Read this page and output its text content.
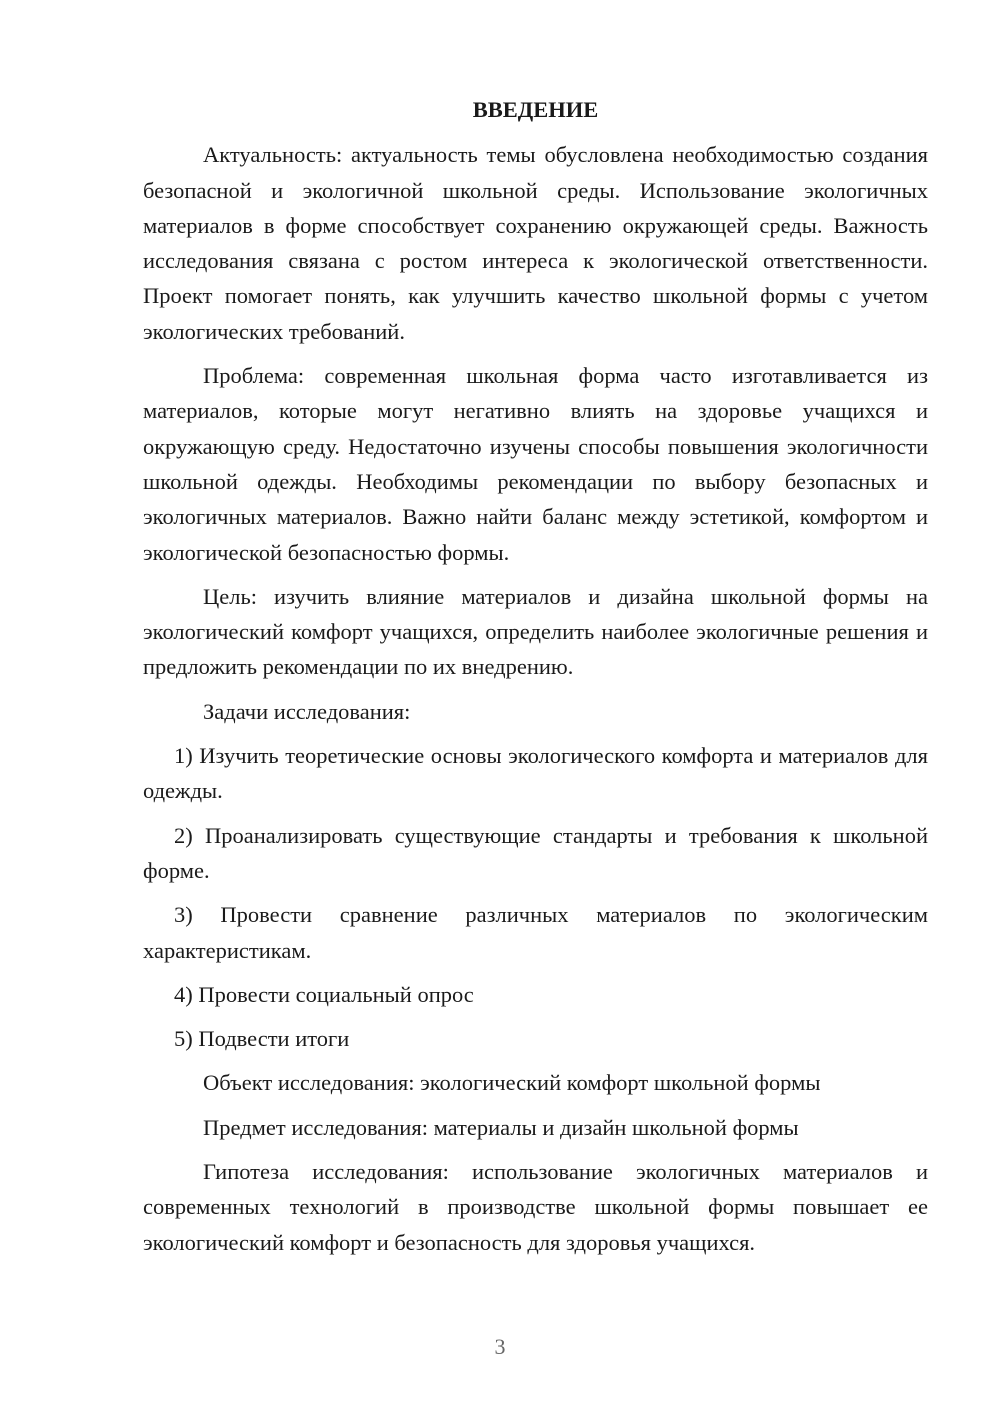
ВВЕДЕНИЕ

Актуальность: актуальность темы обусловлена необходимостью создания безопасной и экологичной школьной среды. Использование экологичных материалов в форме способствует сохранению окружающей среды. Важность исследования связана с ростом интереса к экологической ответственности. Проект помогает понять, как улучшить качество школьной формы с учетом экологических требований.

Проблема: современная школьная форма часто изготавливается из материалов, которые могут негативно влиять на здоровье учащихся и окружающую среду. Недостаточно изучены способы повышения экологичности школьной одежды. Необходимы рекомендации по выбору безопасных и экологичных материалов. Важно найти баланс между эстетикой, комфортом и экологической безопасностью формы.

Цель: изучить влияние материалов и дизайна школьной формы на экологический комфорт учащихся, определить наиболее экологичные решения и предложить рекомендации по их внедрению.

Задачи исследования:

1) Изучить теоретические основы экологического комфорта и материалов для одежды.

2) Проанализировать существующие стандарты и требования к школьной форме.

3) Провести сравнение различных материалов по экологическим характеристикам.

4) Провести социальный опрос

5) Подвести итоги

Объект исследования: экологический комфорт школьной формы

Предмет исследования: материалы и дизайн школьной формы

Гипотеза исследования: использование экологичных материалов и современных технологий в производстве школьной формы повышает ее экологический комфорт и безопасность для здоровья учащихся.

3
